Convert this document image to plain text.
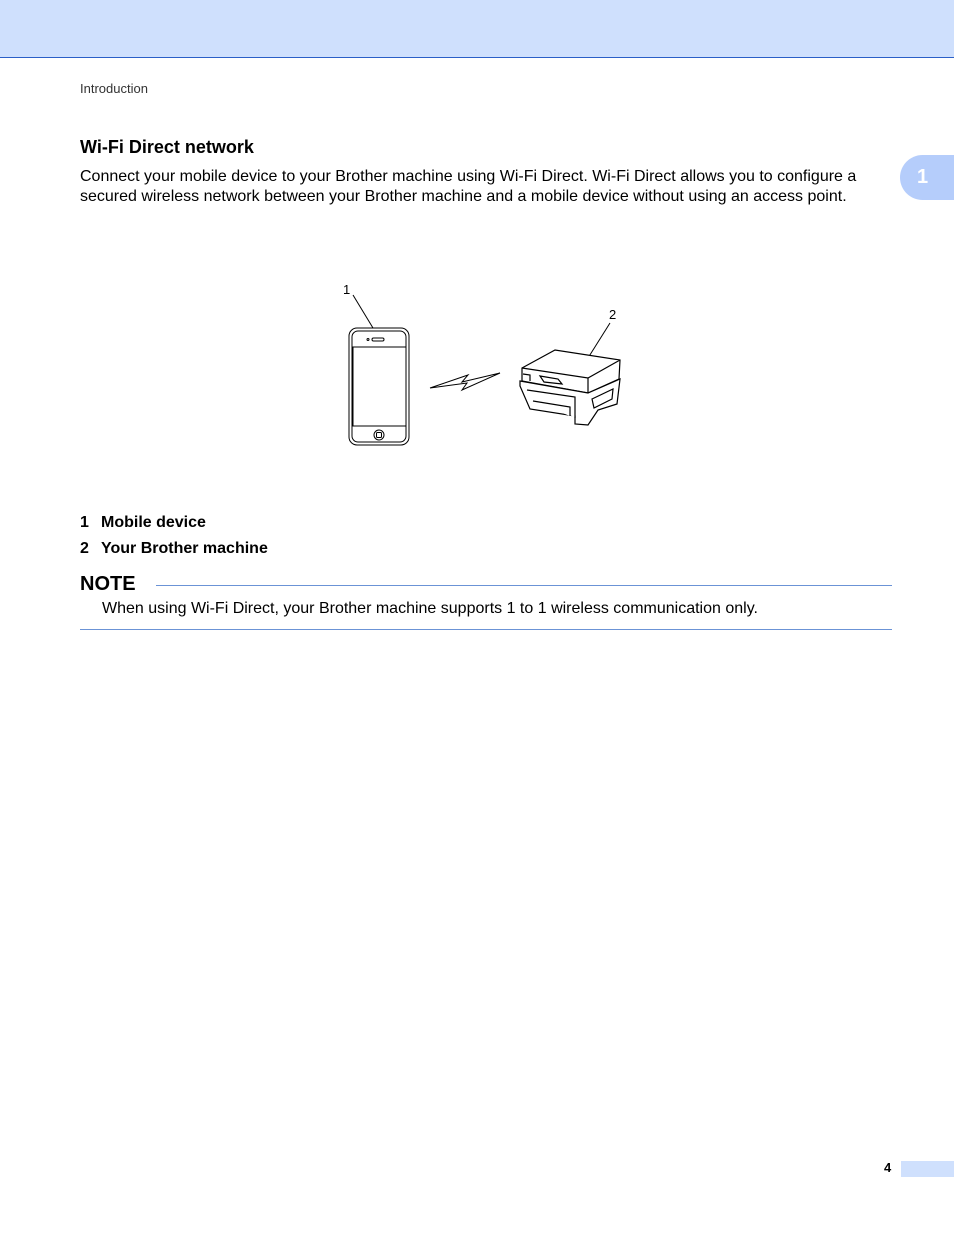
Introduction
1
Wi-Fi Direct network
Connect your mobile device to your Brother machine using Wi-Fi Direct. Wi-Fi Direct allows you to configure a secured wireless network between your Brother machine and a mobile device without using an access point.
1
2
1 Mobile device
2 Your Brother machine
NOTE
When using Wi-Fi Direct, your Brother machine supports 1 to 1 wireless communication only.
4
